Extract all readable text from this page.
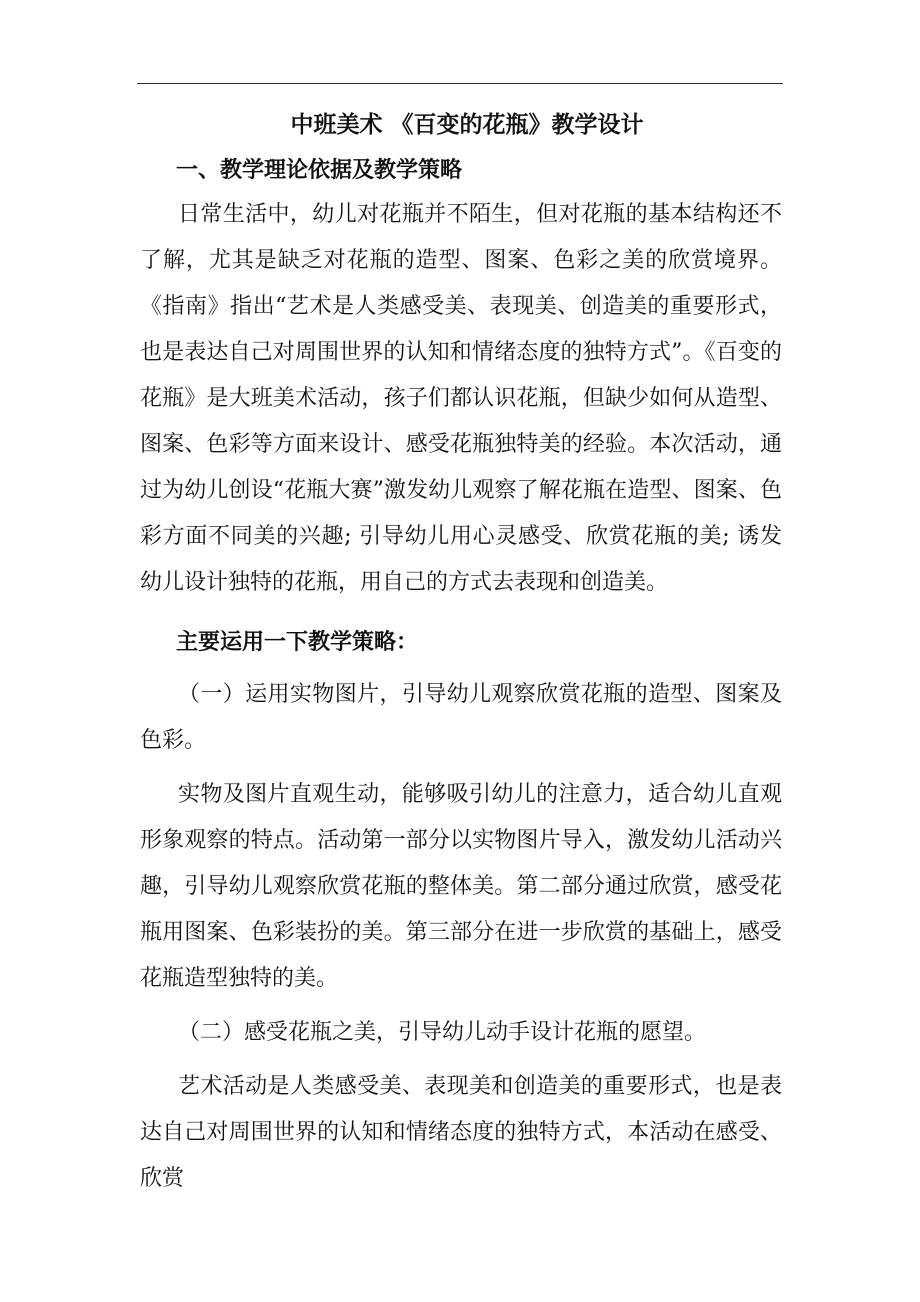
中班美术 《百变的花瓶》教学设计

一、教学理论依据及教学策略

日常生活中，幼儿对花瓶并不陌生，但对花瓶的基本结构还不了解，尤其是缺乏对花瓶的造型、图案、色彩之美的欣赏境界。《指南》指出“艺术是人类感受美、表现美、创造美的重要形式，也是表达自己对周围世界的认知和情绪态度的独特方式”。《百变的花瓶》是大班美术活动，孩子们都认识花瓶，但缺少如何从造型、图案、色彩等方面来设计、感受花瓶独特美的经验。本次活动，通过为幼儿创设“花瓶大赛”激发幼儿观察了解花瓶在造型、图案、色彩方面不同美的兴趣; 引导幼儿用心灵感受、欣赏花瓶的美; 诱发幼儿设计独特的花瓶，用自己的方式去表现和创造美。

主要运用一下教学策略：

（一）运用实物图片，引导幼儿观察欣赏花瓶的造型、图案及色彩。

实物及图片直观生动，能够吸引幼儿的注意力，适合幼儿直观形象观察的特点。活动第一部分以实物图片导入，激发幼儿活动兴趣，引导幼儿观察欣赏花瓶的整体美。第二部分通过欣赏，感受花瓶用图案、色彩装扮的美。第三部分在进一步欣赏的基础上，感受花瓶造型独特的美。

（二）感受花瓶之美，引导幼儿动手设计花瓶的愿望。

艺术活动是人类感受美、表现美和创造美的重要形式，也是表达自己对周围世界的认知和情绪态度的独特方式，本活动在感受、欣赏
